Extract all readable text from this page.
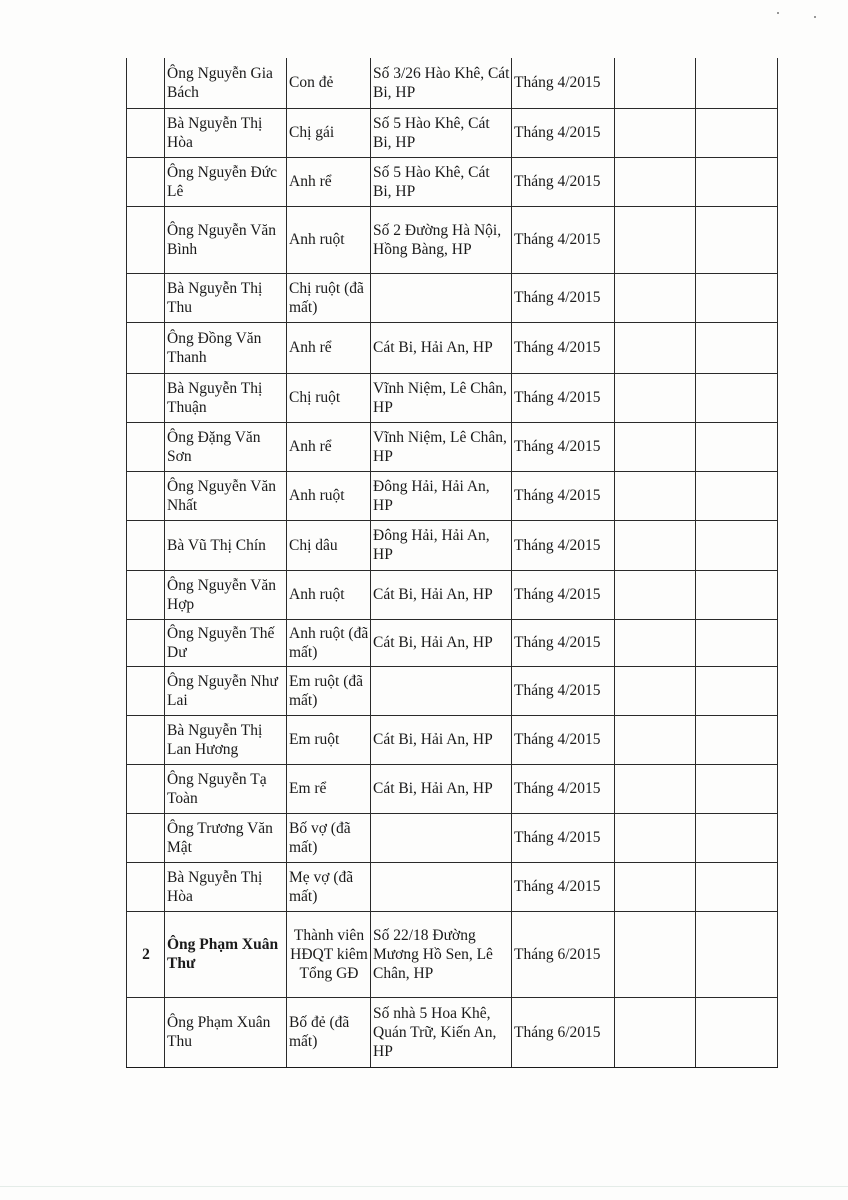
	Ông Nguyễn Gia Bách	Con đẻ	Số 3/26 Hào Khê, Cát Bi, HP	Tháng 4/2015		
	Bà Nguyễn Thị Hòa	Chị gái	Số 5 Hào Khê, Cát Bi, HP	Tháng 4/2015		
	Ông Nguyễn Đức Lê	Anh rể	Số 5 Hào Khê, Cát Bi, HP	Tháng 4/2015		
	Ông Nguyễn Văn Bình	Anh ruột	Số 2 Đường Hà Nội, Hồng Bàng, HP	Tháng 4/2015		
	Bà Nguyễn Thị Thu	Chị ruột (đã mất)		Tháng 4/2015		
	Ông Đồng Văn Thanh	Anh rể	Cát Bi, Hải An, HP	Tháng 4/2015		
	Bà Nguyễn Thị Thuận	Chị ruột	Vĩnh Niệm, Lê Chân, HP	Tháng 4/2015		
	Ông Đặng Văn Sơn	Anh rể	Vĩnh Niệm, Lê Chân, HP	Tháng 4/2015		
	Ông Nguyễn Văn Nhất	Anh ruột	Đông Hải, Hải An, HP	Tháng 4/2015		
	Bà Vũ Thị Chín	Chị dâu	Đông Hải, Hải An, HP	Tháng 4/2015		
	Ông Nguyễn Văn Hợp	Anh ruột	Cát Bi, Hải An, HP	Tháng 4/2015		
	Ông Nguyễn Thế Dư	Anh ruột (đã mất)	Cát Bi, Hải An, HP	Tháng 4/2015		
	Ông Nguyễn Như Lai	Em ruột (đã mất)		Tháng 4/2015		
	Bà Nguyễn Thị Lan Hương	Em ruột	Cát Bi, Hải An, HP	Tháng 4/2015		
	Ông Nguyễn Tạ Toàn	Em rể	Cát Bi, Hải An, HP	Tháng 4/2015		
	Ông Trương Văn Mật	Bố vợ (đã mất)		Tháng 4/2015		
	Bà Nguyễn Thị Hòa	Mẹ vợ (đã mất)		Tháng 4/2015		
2	Ông Phạm Xuân Thư	Thành viên HĐQT kiêm Tổng GĐ	Số 22/18 Đường Mương Hồ Sen, Lê Chân, HP	Tháng 6/2015		
	Ông Phạm Xuân Thu	Bố đẻ (đã mất)	Số nhà 5 Hoa Khê, Quán Trữ, Kiến An, HP	Tháng 6/2015		
